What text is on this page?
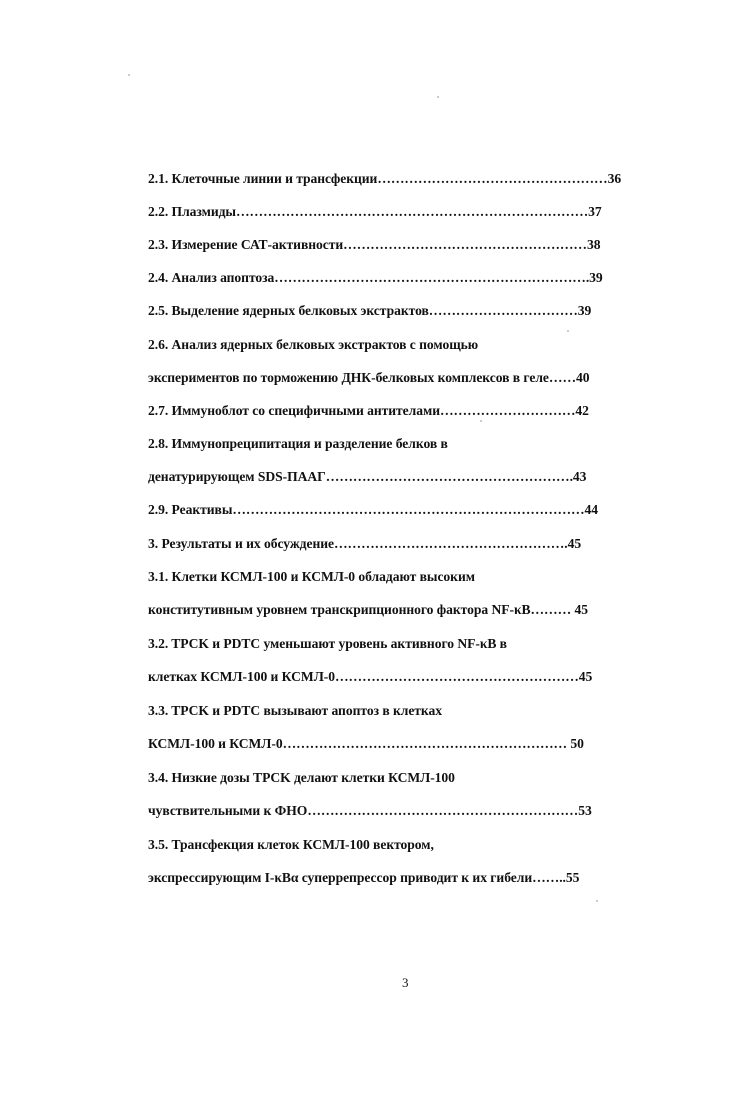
2.1. Клеточные линии и трансфекции……………………………………………36
2.2. Плазмиды……………………………………………………………………37
2.3. Измерение САТ-активности………………………………………………38
2.4. Анализ апоптоза…………………………………………………………….39
2.5. Выделение ядерных белковых экстрактов……………………………39
2.6. Анализ ядерных белковых экстрактов с помощью
экспериментов по торможению ДНК-белковых комплексов в геле……40
2.7. Иммуноблот со специфичными антителами…………………………42
2.8. Иммунопреципитация и разделение белков в
денатурирующем SDS-ПААГ……………………………………………….43
2.9. Реактивы……………………………………………………………………44
3. Результаты и их обсуждение…………………………………………….45
3.1. Клетки КСМЛ-100 и КСМЛ-0 обладают высоким
конститутивным уровнем транскрипционного фактора NF-κB……… 45
3.2. TPCK и PDTC уменьшают уровень активного NF-κB в
клетках КСМЛ-100 и КСМЛ-0………………………………………………45
3.3. TPCK и PDTC вызывают апоптоз в клетках
КСМЛ-100 и КСМЛ-0……………………………………………………… 50
3.4. Низкие дозы TPCK делают клетки КСМЛ-100
чувствительными к ФНО……………………………………………………53
3.5. Трансфекция клеток КСМЛ-100 вектором,
экспрессирующим I-κBα суперрепрессор приводит к их гибели……..55
3
